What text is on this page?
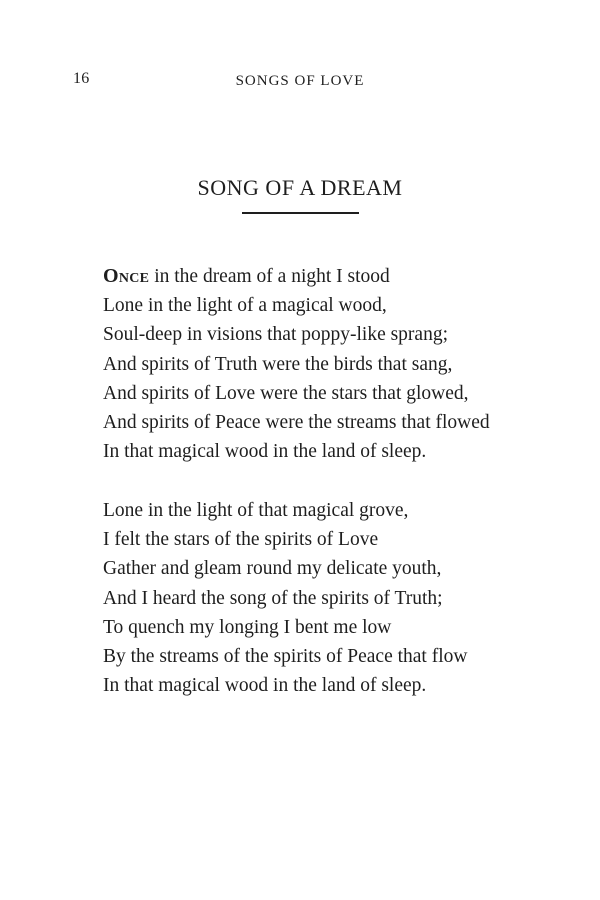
16	SONGS OF LOVE
SONG OF A DREAM
Once in the dream of a night I stood
Lone in the light of a magical wood,
Soul-deep in visions that poppy-like sprang;
And spirits of Truth were the birds that sang,
And spirits of Love were the stars that glowed,
And spirits of Peace were the streams that flowed
In that magical wood in the land of sleep.
Lone in the light of that magical grove,
I felt the stars of the spirits of Love
Gather and gleam round my delicate youth,
And I heard the song of the spirits of Truth;
To quench my longing I bent me low
By the streams of the spirits of Peace that flow
In that magical wood in the land of sleep.
